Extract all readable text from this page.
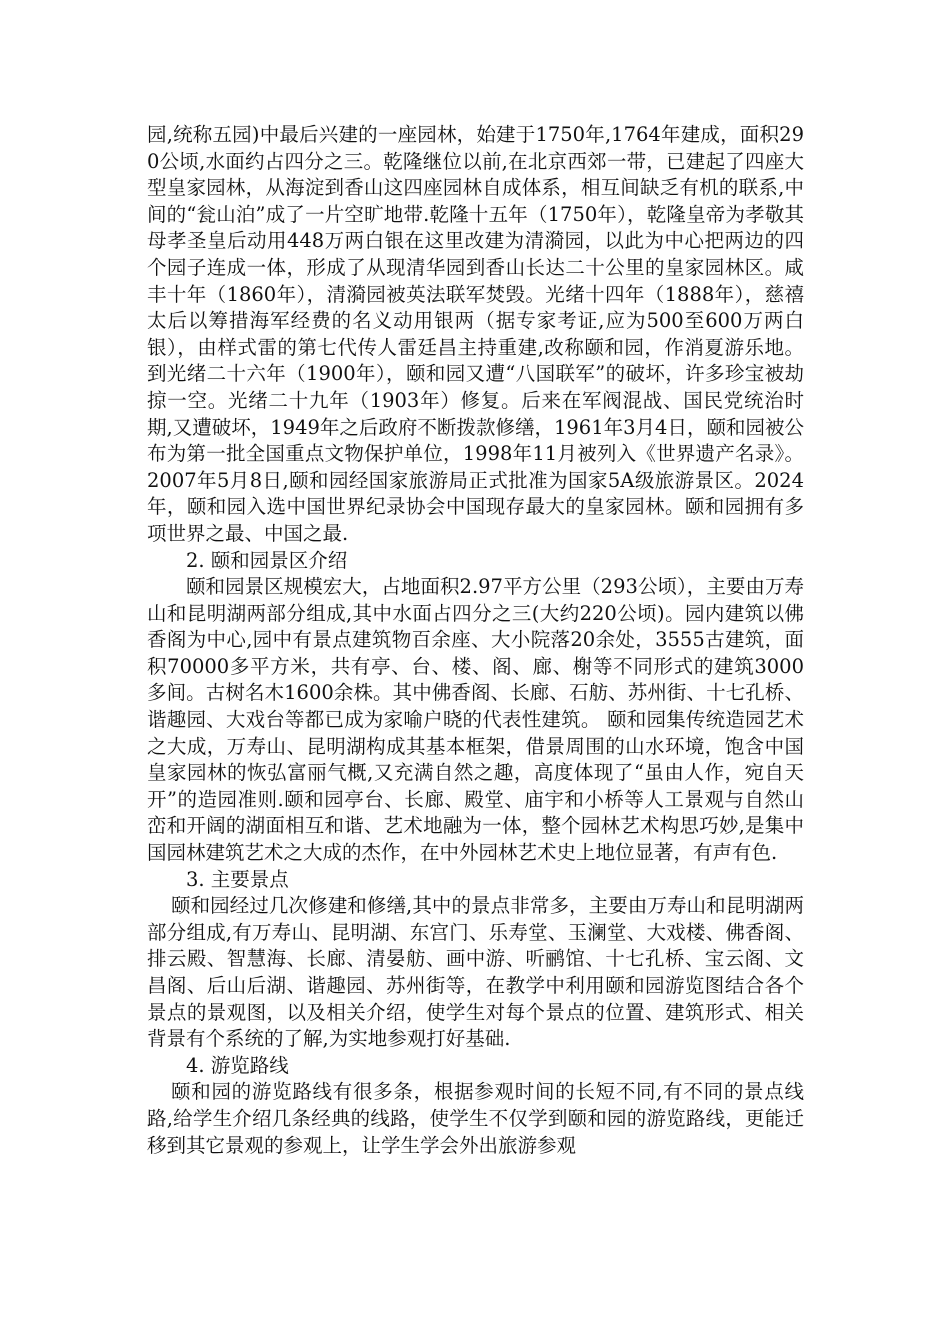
园,统称五园)中最后兴建的一座园林，始建于1750年,1764年建成，面积290公顷,水面约占四分之三。乾隆继位以前,在北京西郊一带，已建起了四座大型皇家园林，从海淀到香山这四座园林自成体系，相互间缺乏有机的联系,中间的“瓮山泊”成了一片空旷地带.乾隆十五年（1750年），乾隆皇帝为孝敬其母孝圣皇后动用448万两白银在这里改建为清漪园，以此为中心把两边的四个园子连成一体，形成了从现清华园到香山长达二十公里的皇家园林区。咸丰十年（1860年），清漪园被英法联军焚毁。光绪十四年（1888年），慈禧太后以筹措海军经费的名义动用银两（据专家考证,应为500至600万两白银），由样式雷的第七代传人雷廷昌主持重建,改称颐和园，作消夏游乐地。到光绪二十六年（1900年），颐和园又遭“八国联军”的破坏，许多珍宝被劫掠一空。光绪二十九年（1903年）修复。后来在军阀混战、国民党统治时期,又遭破坏，1949年之后政府不断拨款修缮，1961年3月4日，颐和园被公布为第一批全国重点文物保护单位，1998年11月被列入《世界遗产名录》。2007年5月8日,颐和园经国家旅游局正式批准为国家5A级旅游景区。2024年，颐和园入选中国世界纪录协会中国现存最大的皇家园林。颐和园拥有多项世界之最、中国之最.

2. 颐和园景区介绍

颐和园景区规模宏大，占地面积2.97平方公里（293公顷），主要由万寿山和昆明湖两部分组成,其中水面占四分之三(大约220公顷)。园内建筑以佛香阁为中心,园中有景点建筑物百余座、大小院落20余处，3555古建筑，面积70000多平方米，共有亭、台、楼、阁、廊、榭等不同形式的建筑3000多间。古树名木1600余株。其中佛香阁、长廊、石舫、苏州街、十七孔桥、谐趣园、大戏台等都已成为家喻户晓的代表性建筑。 颐和园集传统造园艺术之大成，万寿山、昆明湖构成其基本框架，借景周围的山水环境，饱含中国皇家园林的恢弘富丽气概,又充满自然之趣，高度体现了“虽由人作，宛自天开”的造园准则.颐和园亭台、长廊、殿堂、庙宇和小桥等人工景观与自然山峦和开阔的湖面相互和谐、艺术地融为一体，整个园林艺术构思巧妙,是集中国园林建筑艺术之大成的杰作，在中外园林艺术史上地位显著，有声有色.

3. 主要景点

颐和园经过几次修建和修缮,其中的景点非常多，主要由万寿山和昆明湖两部分组成,有万寿山、昆明湖、东宫门、乐寿堂、玉澜堂、大戏楼、佛香阁、排云殿、智慧海、长廊、清晏舫、画中游、听鹂馆、十七孔桥、宝云阁、文昌阁、后山后湖、谐趣园、苏州街等，在教学中利用颐和园游览图结合各个景点的景观图，以及相关介绍，使学生对每个景点的位置、建筑形式、相关背景有个系统的了解,为实地参观打好基础.

4. 游览路线

颐和园的游览路线有很多条，根据参观时间的长短不同,有不同的景点线路,给学生介绍几条经典的线路，使学生不仅学到颐和园的游览路线，更能迁移到其它景观的参观上，让学生学会外出旅游参观
